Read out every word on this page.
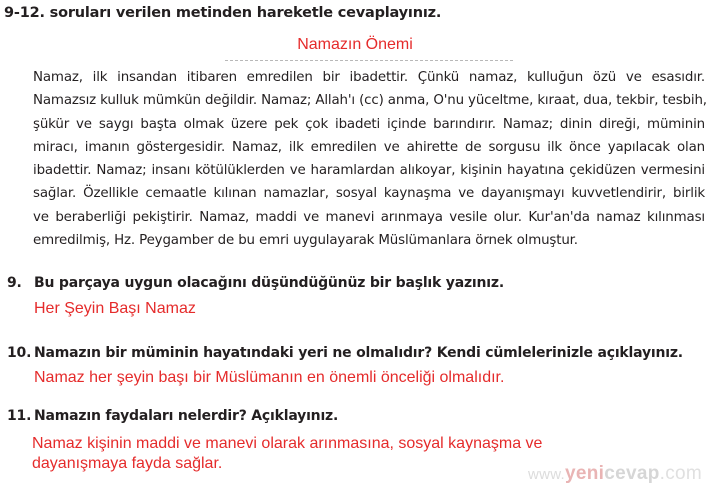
9-12. soruları verilen metinden hareketle cevaplayınız.
Namazın Önemi
Namaz, ilk insandan itibaren emredilen bir ibadettir. Çünkü namaz, kulluğun özü ve esasıdır.
Namazsız kulluk mümkün değildir. Namaz; Allah'ı (cc) anma, O'nu yüceltme, kıraat, dua, tekbir, tesbih,
şükür ve saygı başta olmak üzere pek çok ibadeti içinde barındırır. Namaz; dinin direği, müminin
miracı, imanın göstergesidir. Namaz, ilk emredilen ve ahirette de sorgusu ilk önce yapılacak olan
ibadettir. Namaz; insanı kötülüklerden ve haramlardan alıkoyar, kişinin hayatına çekidüzen vermesini
sağlar. Özellikle cemaatle kılınan namazlar, sosyal kaynaşma ve dayanışmayı kuvvetlendirir, birlik
ve beraberliği pekiştirir. Namaz, maddi ve manevi arınmaya vesile olur. Kur'an'da namaz kılınması
emredilmiş, Hz. Peygamber de bu emri uygulayarak Müslümanlara örnek olmuştur.
9. Bu parçaya uygun olacağını düşündüğünüz bir başlık yazınız.
Her Şeyin Başı Namaz
10. Namazın bir müminin hayatındaki yeri ne olmalıdır? Kendi cümlelerinizle açıklayınız.
Namaz her şeyin başı bir Müslümanın en önemli önceliği olmalıdır.
11. Namazın faydaları nelerdir? Açıklayınız.
Namaz kişinin maddi ve manevi olarak arınmasına, sosyal kaynaşma ve
dayanışmaya fayda sağlar.
www.yenicevap.com
